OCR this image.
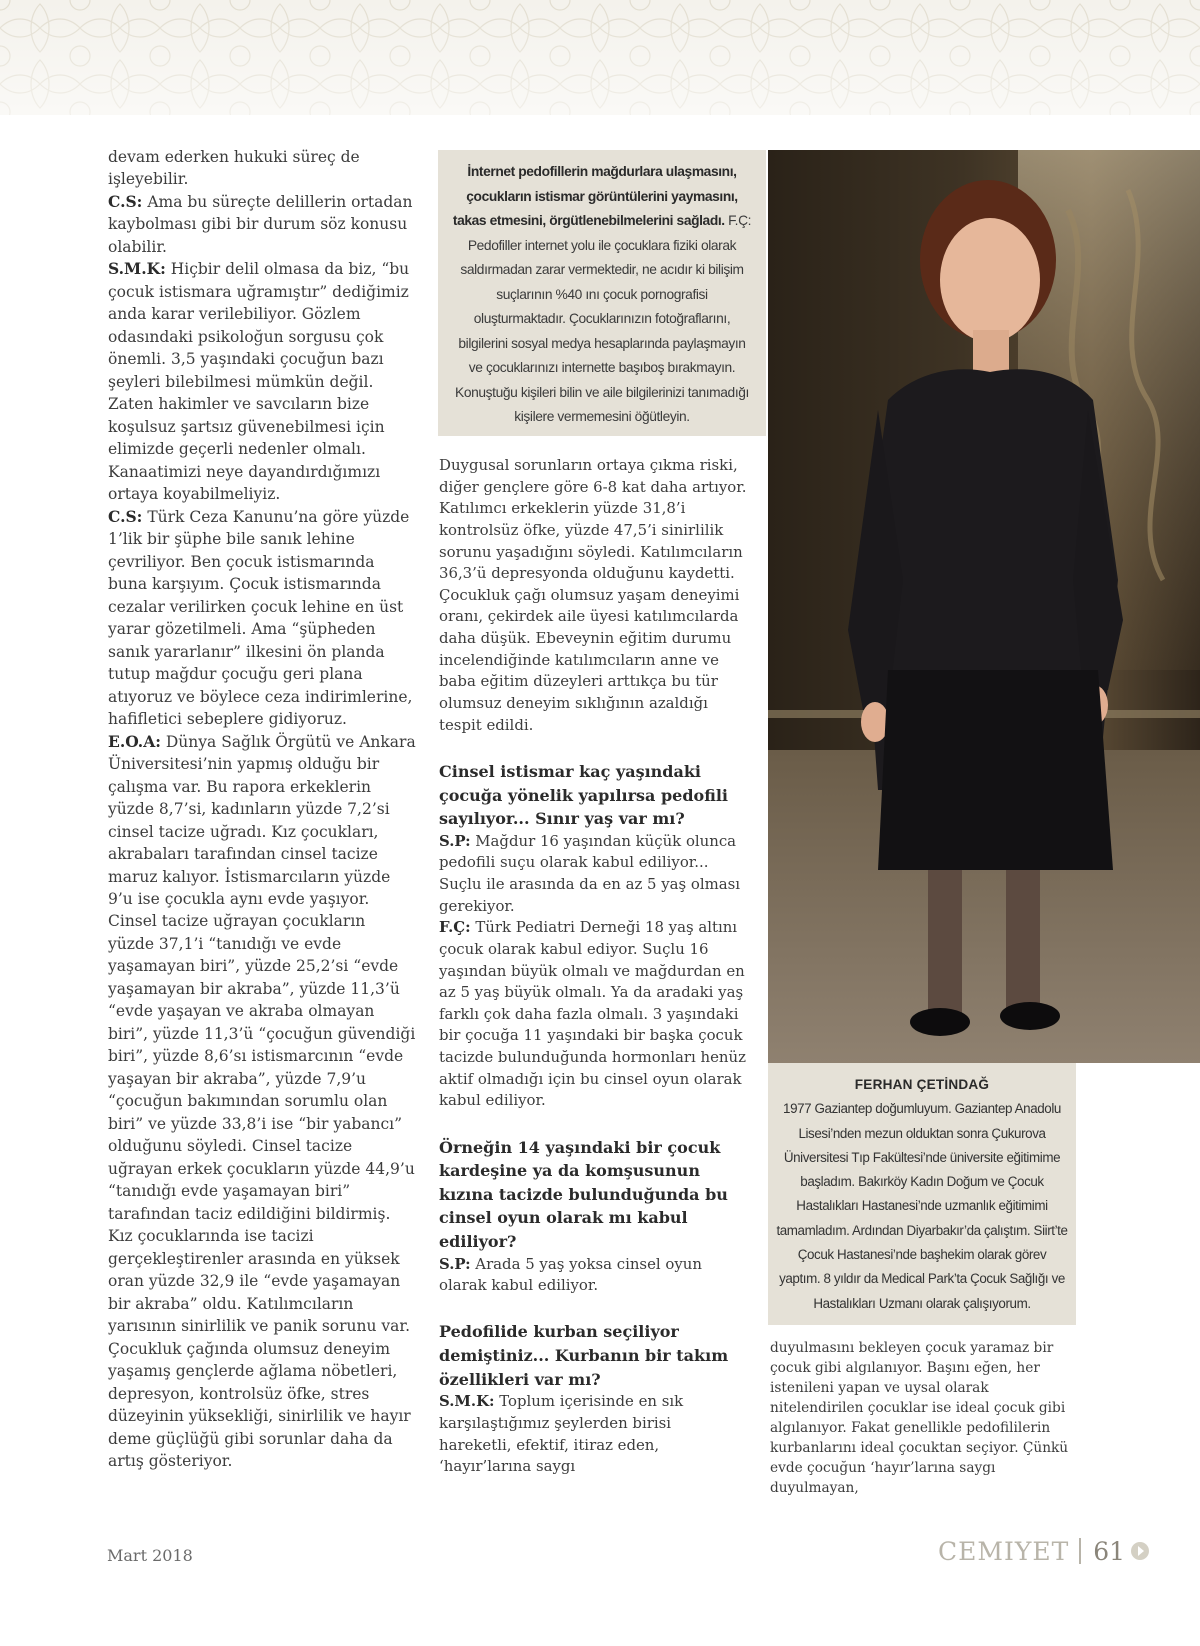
devam ederken hukuki süreç de işleyebilir.

C.S: Ama bu süreçte delillerin ortadan kaybolması gibi bir durum söz konusu olabilir.

S.M.K: Hiçbir delil olmasa da biz, “bu çocuk istismara uğramıştır” dediğimiz anda karar verilebiliyor. Gözlem odasındaki psikoloğun sorgusu çok önemli. 3,5 yaşındaki çocuğun bazı şeyleri bilebilmesi mümkün değil. Zaten hakimler ve savcıların bize koşulsuz şartsız güvenebilmesi için elimizde geçerli nedenler olmalı. Kanaatimizi neye dayandırdığımızı ortaya koyabilmeliyiz.

C.S: Türk Ceza Kanunu’na göre yüzde 1’lik bir şüphe bile sanık lehine çevriliyor. Ben çocuk istismarında buna karşıyım. Çocuk istismarında cezalar verilirken çocuk lehine en üst yarar gözetilmeli. Ama “şüpheden sanık yararlanır” ilkesini ön planda tutup mağdur çocuğu geri plana atıyoruz ve böylece ceza indirimlerine, hafifletici sebeplere gidiyoruz.

E.O.A: Dünya Sağlık Örgütü ve Ankara Üniversitesi’nin yapmış olduğu bir çalışma var. Bu rapora erkeklerin yüzde 8,7’si, kadınların yüzde 7,2’si cinsel tacize uğradı. Kız çocukları, akrabaları tarafından cinsel tacize maruz kalıyor. İstismarcıların yüzde 9’u ise çocukla aynı evde yaşıyor.

Cinsel tacize uğrayan çocukların yüzde 37,1’i “tanıdığı ve evde yaşamayan biri”, yüzde 25,2’si “evde yaşamayan bir akraba”, yüzde 11,3’ü “evde yaşayan ve akraba olmayan biri”, yüzde 11,3’ü “çocuğun güvendiği biri”, yüzde 8,6’sı istismarcının “evde yaşayan bir akraba”, yüzde 7,9’u “çocuğun bakımından sorumlu olan biri” ve yüzde 33,8’i ise “bir yabancı” olduğunu söyledi. Cinsel tacize uğrayan erkek çocukların yüzde 44,9’u “tanıdığı evde yaşamayan biri” tarafından taciz edildiğini bildirmiş. Kız çocuklarında ise tacizi gerçekleştirenler arasında en yüksek oran yüzde 32,9 ile “evde yaşamayan bir akraba” oldu. Katılımcıların yarısının sinirlilik ve panik sorunu var. Çocukluk çağında olumsuz deneyim yaşamış gençlerde ağlama nöbetleri, depresyon, kontrolsüz öfke, stres düzeyinin yüksekliği, sinirlilik ve hayır deme güçlüğü gibi sorunlar daha da artış gösteriyor.

İnternet pedofillerin mağdurlara ulaşmasını, çocukların istismar görüntülerini yaymasını, takas etmesini, örgütlenebilmelerini sağladı. F.Ç: Pedofiller internet yolu ile çocuklara fiziki olarak saldırmadan zarar vermektedir, ne acıdır ki bilişim suçlarının %40 ını çocuk pornografisi oluşturmaktadır. Çocuklarınızın fotoğraflarını, bilgilerini sosyal medya hesaplarında paylaşmayın ve çocuklarınızı internette başıboş bırakmayın. Konuştuğu kişileri bilin ve aile bilgilerinizi tanımadığı kişilere vermemesini öğütleyin.

Duygusal sorunların ortaya çıkma riski, diğer gençlere göre 6-8 kat daha artıyor. Katılımcı erkeklerin yüzde 31,8’i kontrolsüz öfke, yüzde 47,5’i sinirlilik sorunu yaşadığını söyledi. Katılımcıların 36,3’ü depresyonda olduğunu kaydetti. Çocukluk çağı olumsuz yaşam deneyimi oranı, çekirdek aile üyesi katılımcılarda daha düşük. Ebeveynin eğitim durumu incelendiğinde katılımcıların anne ve baba eğitim düzeyleri arttıkça bu tür olumsuz deneyim sıklığının azaldığı tespit edildi.

Cinsel istismar kaç yaşındaki çocuğa yönelik yapılırsa pedofili sayılıyor... Sınır yaş var mı?

S.P: Mağdur 16 yaşından küçük olunca pedofili suçu olarak kabul ediliyor... Suçlu ile arasında da en az 5 yaş olması gerekiyor.

F.Ç: Türk Pediatri Derneği 18 yaş altını çocuk olarak kabul ediyor. Suçlu 16 yaşından büyük olmalı ve mağdurdan en az 5 yaş büyük olmalı. Ya da aradaki yaş farklı çok daha fazla olmalı. 3 yaşındaki bir çocuğa 11 yaşındaki bir başka çocuk tacizde bulunduğunda hormonları henüz aktif olmadığı için bu cinsel oyun olarak kabul ediliyor.

Örneğin 14 yaşındaki bir çocuk kardeşine ya da komşusunun kızına tacizde bulunduğunda bu cinsel oyun olarak mı kabul ediliyor?

S.P: Arada 5 yaş yoksa cinsel oyun olarak kabul ediliyor.

Pedofilide kurban seçiliyor demiştiniz... Kurbanın bir takım özellikleri var mı?

S.M.K: Toplum içerisinde en sık karşılaştığımız şeylerden birisi hareketli, efektif, itiraz eden, ‘hayır’larına saygı

FERHAN ÇETİNDAĞ
1977 Gaziantep doğumluyum. Gaziantep Anadolu Lisesi’nden mezun olduktan sonra Çukurova Üniversitesi Tıp Fakültesi’nde üniversite eğitimime başladım. Bakırköy Kadın Doğum ve Çocuk Hastalıkları Hastanesi’nde uzmanlık eğitimimi tamamladım. Ardından Diyarbakır’da çalıştım. Siirt’te Çocuk Hastanesi’nde başhekim olarak görev yaptım. 8 yıldır da Medical Park’ta Çocuk Sağlığı ve Hastalıkları Uzmanı olarak çalışıyorum.

duyulmasını bekleyen çocuk yaramaz bir çocuk gibi algılanıyor. Başını eğen, her istenileni yapan ve uysal olarak nitelendirilen çocuklar ise ideal çocuk gibi algılanıyor. Fakat genellikle pedofililerin kurbanlarını ideal çocuktan seçiyor. Çünkü evde çocuğun ‘hayır’larına saygı duyulmayan,

Mart 2018	CEMIYET 61
